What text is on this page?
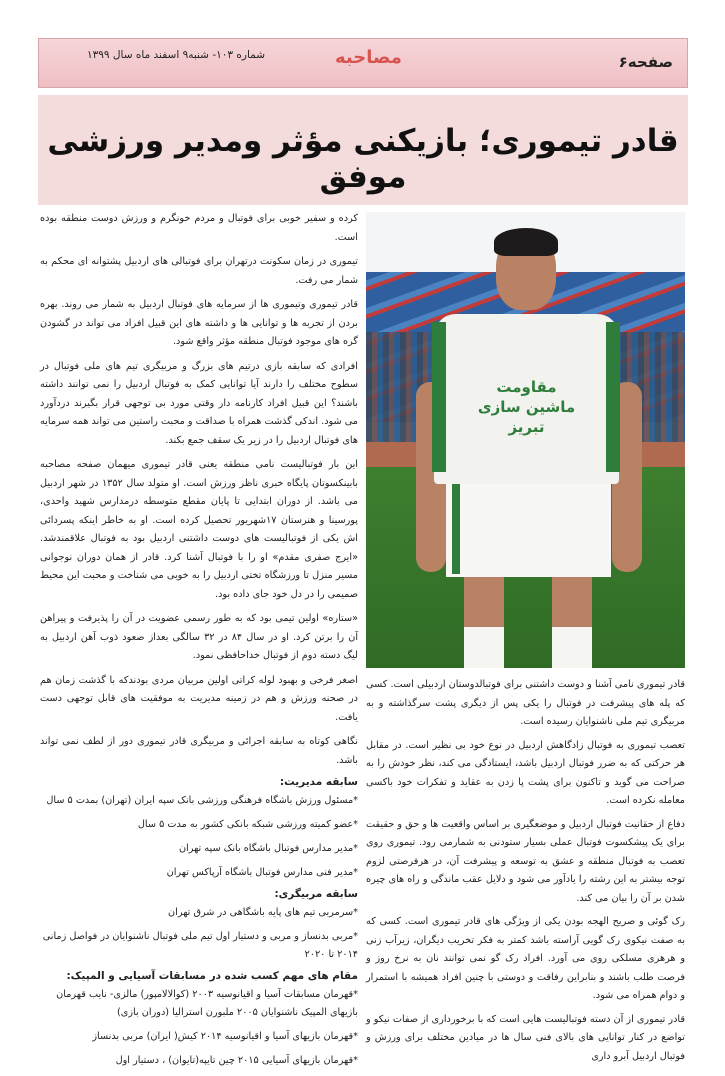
صفحه۶
مصاحبه
شماره ۱۰۳- شنبه۹ اسفند ماه سال ۱۳۹۹
قادر تیموری؛ بازیکنی مؤثر ومدیر ورزشی موفق
مقاومت
ماشین سازی
تبریز

قادر تیموری نامی آشنا و دوست داشتنی برای فوتبالدوستان اردبیلی است. کسی که پله های پیشرفت در فوتبال را یکی پس از دیگری پشت سرگذاشته و به مربیگری تیم ملی ناشنوایان رسیده است.

تعصب تیموری به فوتبال زادگاهش اردبیل در نوع خود بی نظیر است. در مقابل هر حرکتی که به ضرر فوتبال اردبیل باشد، ایستادگی می کند، نظر خودش را به صراحت می گوید و تاکنون برای پشت پا زدن به عقاید و تفکرات خود باکسی معامله نکرده است.

دفاع از حقانیت فوتبال اردبیل و موضعگیری بر اساس واقعیت ها و حق و حقیقت برای یک پیشکسوت فوتبال عملی بسیار ستودنی به شمارمی رود. تیموری روی تعصب به فوتبال منطقه و عشق به توسعه و پیشرفت آن، در هرفرصتی لزوم توجه بیشتر به این رشته را یادآور می شود و دلایل عقب ماندگی و راه های چیره شدن بر آن را بیان می کند.

رک گوئی و صریح الهجه بودن یکی از ویژگی های قادر تیموری است. کسی که به صفت نیکوی رک گویی آراسته باشد کمتر به فکر تخریب دیگران، زیرآب زنی و هرهری مسلکی روی می آورد. افراد رک گو نمی توانند نان به نرخ روز و فرصت طلب باشند و بنابراین رفاقت و دوستی با چنین افراد همیشه با استمرار و دوام همراه می شود.

قادر تیموری از آن دسته فوتبالیست هایی است که با برخورداری از صفات نیکو و تواضع در کنار توانایی های بالای فنی سال ها در میادین مختلف برای ورزش و فوتبال اردبیل آبرو داری

کرده و سفیر خوبی برای فوتبال و مردم خونگرم و ورزش دوست منطقه بوده است.

تیموری در زمان سکونت درتهران برای فوتبالی های اردبیل پشتوانه ای محکم به شمار می رفت.

قادر تیموری وتیموری ها از سرمایه های فوتبال اردبیل به شمار می روند. بهره بردن از تجربه ها و توانایی ها و داشته های این قبیل افراد می تواند در گشودن گره های موجود فوتبال منطقه مؤثر واقع شود.

افرادی که سابقه بازی درتیم های بزرگ و مربیگری تیم های ملی فوتبال در سطوح مختلف را دارند آیا توانایی کمک به فوتبال اردبیل را نمی توانند داشته باشند؟ این قبیل افراد کارنامه دار وقتی مورد بی توجهی قرار بگیرند دردآورد می شود. اندکی گذشت همراه با صداقت و محبت راستین می تواند همه سرمایه های فوتبال اردبیل را در زیر یک سقف جمع بکند.

این بار فوتبالیست نامی منطقه یعنی قادر تیموری میهمان صفحه مصاحبه بابینکسوتان پایگاه خبری ناظر ورزش است. او متولد سال ۱۳۵۲ در شهر اردبیل می باشد. از دوران ابتدایی تا پایان مقطع متوسطه درمدارس شهید واحدی، پورسینا و هنرستان ۱۷شهریور تحصیل کرده است. او به خاطر اینکه پسردائی اش یکی از فوتبالیست های دوست داشتنی اردبیل بود به فوتبال علاقمندشد. «ایرج صفری مقدم» او را با فوتبال آشنا کرد. قادر از همان دوران نوجوانی مسیر منزل تا ورزشگاه تختی اردبیل را به خوبی می شناخت و محبت این محیط صمیمی را در دل خود جای داده بود.

«ستاره» اولین تیمی بود که به طور رسمی عضویت در آن را پذیرفت و پیراهن آن را برتن کرد. او در سال ۸۴ در ۳۲ سالگی بعداز صعود ذوب آهن اردبیل به لیگ دسته دوم از فوتبال خداحافظی نمود.

اصغر فرخی و بهبود لوله کراتی اولین مربیان مردی بودندکه با گذشت زمان هم در صحنه ورزش و هم در زمینه مدیریت به موفقیت های قابل توجهی دست یافت.

نگاهی کوتاه به سابقه اجرائی و مربیگری قادر تیموری دور از لطف نمی تواند باشد.

سابقه مدیریت:
*مسئول ورزش باشگاه فرهنگی ورزشی بانک سپه ایران (تهران) بمدت ۵ سال
*عضو کمیته ورزشی شبکه بانکی کشور به مدت ۵ سال
*مدیر مدارس فوتبال باشگاه بانک سپه تهران
*مدیر فنی مدارس فوتبال باشگاه آرپاکس تهران
سابقه مربیگری:
*سرمربی تیم های پایه باشگاهی در شرق تهران
*مربی بدنساز و مربی و دستیار اول تیم ملی فوتبال ناشنوایان در فواصل زمانی ۲۰۱۴ تا ۲۰۲۰
مقام های مهم کسب شده در مسابقات آسیایی و المپیک:
*قهرمان مسابقات آسیا و اقیانوسیه ۲۰۰۳ (کوالالامپور) مالزی- نایب قهرمان بازیهای المپیک ناشنوایان ۲۰۰۵ ملبورن استرالیا (دوران بازی)
*قهرمان بازیهای آسیا و اقیانوسیه ۲۰۱۴ کیش( ایران) مربی بدنساز
*قهرمان بازیهای آسیایی ۲۰۱۵ چین تایپه(تایوان) ، دستیار اول
